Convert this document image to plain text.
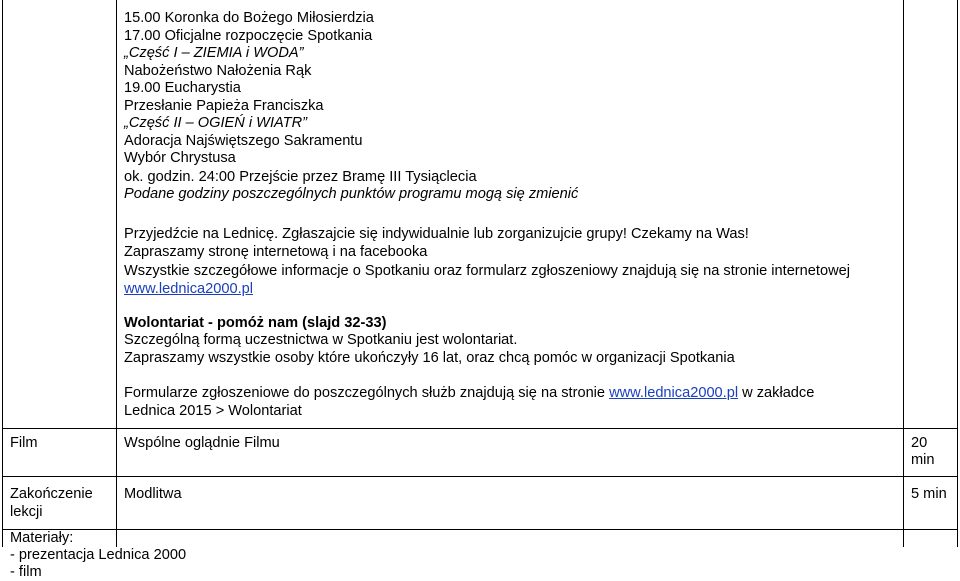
15.00 Koronka do Bożego Miłosierdzia
17.00 Oficjalne rozpoczęcie Spotkania
„Część I – ZIEMIA i WODA”
Nabożeństwo Nałożenia Rąk
19.00 Eucharystia
Przesłanie Papieża Franciszka
„Część II – OGIEŃ i WIATR”
Adoracja Najświętszego Sakramentu
Wybór Chrystusa
ok. godzin. 24:00 Przejście przez Bramę III Tysiąclecia
Podane godziny poszczególnych punktów programu mogą się zmienić
Przyjedźcie na Lednicę. Zgłaszajcie się indywidualnie lub zorganizujcie grupy! Czekamy na Was!
Zapraszamy stronę internetową i na facebooka
Wszystkie szczegółowe informacje o Spotkaniu oraz formularz zgłoszeniowy znajdują się na stronie internetowej
www.lednica2000.pl
Wolontariat - pomóż nam (slajd 32-33)
Szczególną formą uczestnictwa w Spotkaniu jest wolontariat.
Zapraszamy wszystkie osoby które ukończyły 16 lat, oraz chcą pomóc w organizacji Spotkania
Formularze zgłoszeniowe do poszczególnych służb znajdują się na stronie www.lednica2000.pl w zakładce
Lednica 2015 > Wolontariat
Film	Wspólne oglądnie Filmu	20
min
Zakończenie
lekcji
Modlitwa	5 min
Materiały:
- prezentacja Lednica 2000
- film
